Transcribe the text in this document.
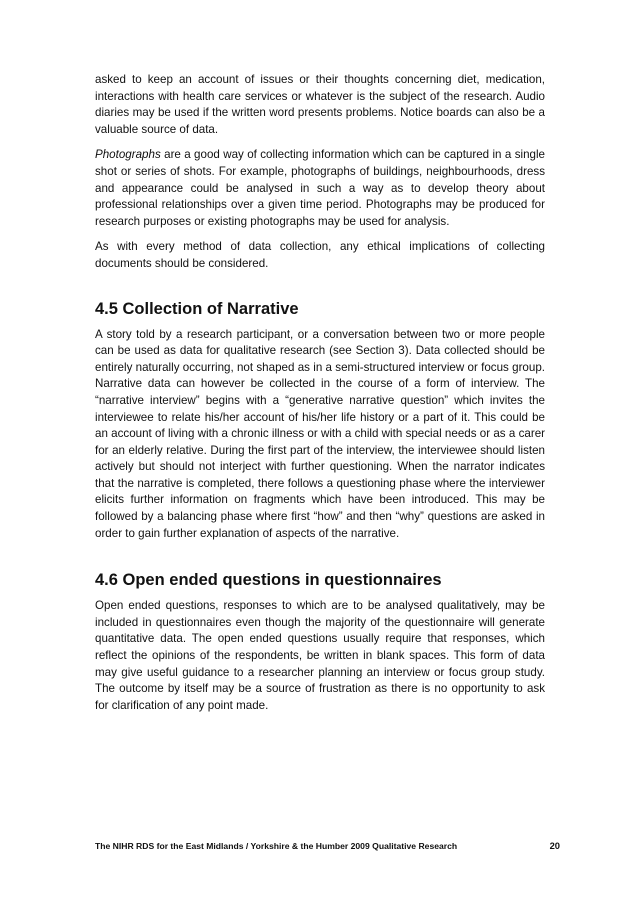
asked to keep an account of issues or their thoughts concerning diet, medication, interactions with health care services or whatever is the subject of the research. Audio diaries may be used if the written word presents problems. Notice boards can also be a valuable source of data.

Photographs are a good way of collecting information which can be captured in a single shot or series of shots. For example, photographs of buildings, neighbourhoods, dress and appearance could be analysed in such a way as to develop theory about professional relationships over a given time period. Photographs may be produced for research purposes or existing photographs may be used for analysis.

As with every method of data collection, any ethical implications of collecting documents should be considered.

4.5 Collection of Narrative

A story told by a research participant, or a conversation between two or more people can be used as data for qualitative research (see Section 3). Data collected should be entirely naturally occurring, not shaped as in a semi-structured interview or focus group. Narrative data can however be collected in the course of a form of interview. The “narrative interview” begins with a “generative narrative question” which invites the interviewee to relate his/her account of his/her life history or a part of it. This could be an account of living with a chronic illness or with a child with special needs or as a carer for an elderly relative. During the first part of the interview, the interviewee should listen actively but should not interject with further questioning. When the narrator indicates that the narrative is completed, there follows a questioning phase where the interviewer elicits further information on fragments which have been introduced. This may be followed by a balancing phase where first “how” and then “why” questions are asked in order to gain further explanation of aspects of the narrative.

4.6 Open ended questions in questionnaires

Open ended questions, responses to which are to be analysed qualitatively, may be included in questionnaires even though the majority of the questionnaire will generate quantitative data. The open ended questions usually require that responses, which reflect the opinions of the respondents, be written in blank spaces. This form of data may give useful guidance to a researcher planning an interview or focus group study. The outcome by itself may be a source of frustration as there is no opportunity to ask for clarification of any point made.

The NIHR RDS for the East Midlands / Yorkshire & the Humber 2009 Qualitative Research	20
